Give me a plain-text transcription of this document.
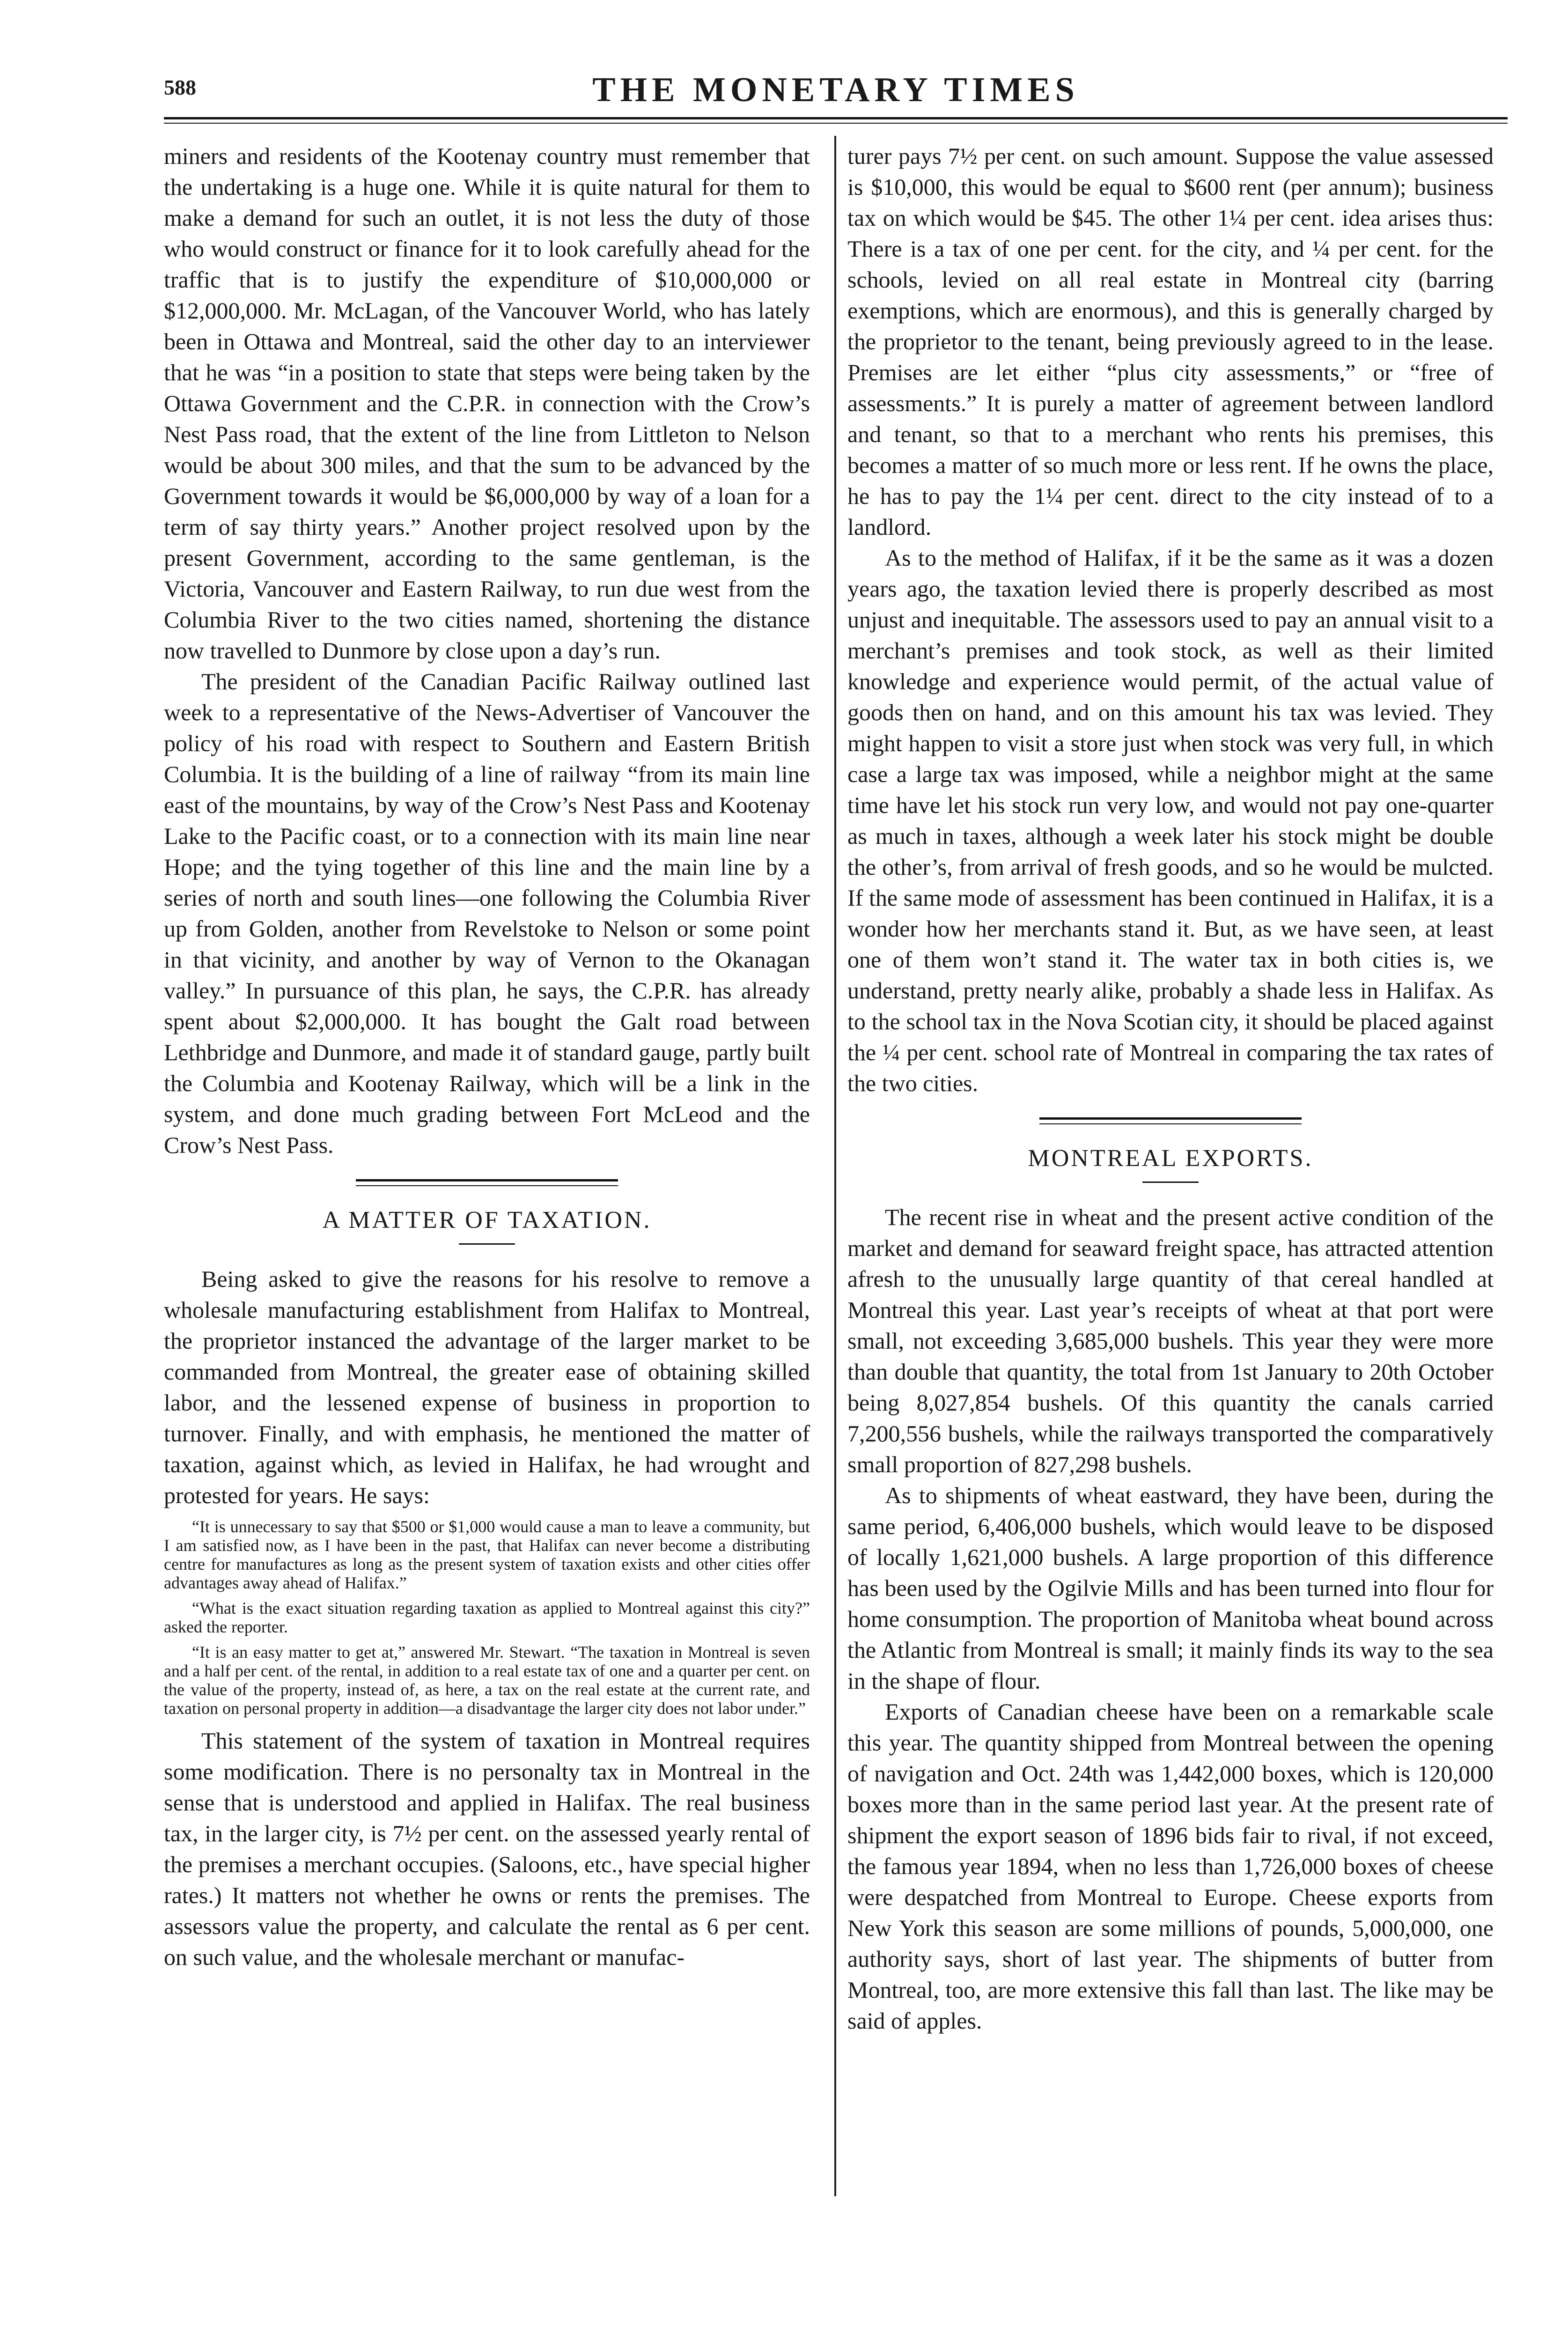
588	THE MONETARY TIMES

miners and residents of the Kootenay country must remember that the undertaking is a huge one. While it is quite natural for them to make a demand for such an outlet, it is not less the duty of those who would construct or finance for it to look carefully ahead for the traffic that is to justify the expenditure of $10,000,000 or $12,000,000. Mr. McLagan, of the Vancouver World, who has lately been in Ottawa and Montreal, said the other day to an interviewer that he was “in a position to state that steps were being taken by the Ottawa Government and the C.P.R. in connection with the Crow’s Nest Pass road, that the extent of the line from Littleton to Nelson would be about 300 miles, and that the sum to be advanced by the Government towards it would be $6,000,000 by way of a loan for a term of say thirty years.” Another project resolved upon by the present Government, according to the same gentleman, is the Victoria, Vancouver and Eastern Railway, to run due west from the Columbia River to the two cities named, shortening the distance now travelled to Dunmore by close upon a day’s run.

The president of the Canadian Pacific Railway outlined last week to a representative of the News-Advertiser of Vancouver the policy of his road with respect to Southern and Eastern British Columbia. It is the building of a line of railway “from its main line east of the mountains, by way of the Crow’s Nest Pass and Kootenay Lake to the Pacific coast, or to a connection with its main line near Hope; and the tying together of this line and the main line by a series of north and south lines—one following the Columbia River up from Golden, another from Revelstoke to Nelson or some point in that vicinity, and another by way of Vernon to the Okanagan valley.” In pursuance of this plan, he says, the C.P.R. has already spent about $2,000,000. It has bought the Galt road between Lethbridge and Dunmore, and made it of standard gauge, partly built the Columbia and Kootenay Railway, which will be a link in the system, and done much grading between Fort McLeod and the Crow’s Nest Pass.

A MATTER OF TAXATION.

Being asked to give the reasons for his resolve to remove a wholesale manufacturing establishment from Halifax to Montreal, the proprietor instanced the advantage of the larger market to be commanded from Montreal, the greater ease of obtaining skilled labor, and the lessened expense of business in proportion to turnover. Finally, and with emphasis, he mentioned the matter of taxation, against which, as levied in Halifax, he had wrought and protested for years. He says:

“It is unnecessary to say that $500 or $1,000 would cause a man to leave a community, but I am satisfied now, as I have been in the past, that Halifax can never become a distributing centre for manufactures as long as the present system of taxation exists and other cities offer advantages away ahead of Halifax.”

“What is the exact situation regarding taxation as applied to Montreal against this city?” asked the reporter.

“It is an easy matter to get at,” answered Mr. Stewart. “The taxation in Montreal is seven and a half per cent. of the rental, in addition to a real estate tax of one and a quarter per cent. on the value of the property, instead of, as here, a tax on the real estate at the current rate, and taxation on personal property in addition—a disadvantage the larger city does not labor under.”

This statement of the system of taxation in Montreal requires some modification. There is no personalty tax in Montreal in the sense that is understood and applied in Halifax. The real business tax, in the larger city, is 7½ per cent. on the assessed yearly rental of the premises a merchant occupies. (Saloons, etc., have special higher rates.) It matters not whether he owns or rents the premises. The assessors value the property, and calculate the rental as 6 per cent. on such value, and the wholesale merchant or manufac-

turer pays 7½ per cent. on such amount. Suppose the value assessed is $10,000, this would be equal to $600 rent (per annum); business tax on which would be $45. The other 1¼ per cent. idea arises thus: There is a tax of one per cent. for the city, and ¼ per cent. for the schools, levied on all real estate in Montreal city (barring exemptions, which are enormous), and this is generally charged by the proprietor to the tenant, being previously agreed to in the lease. Premises are let either “plus city assessments,” or “free of assessments.” It is purely a matter of agreement between landlord and tenant, so that to a merchant who rents his premises, this becomes a matter of so much more or less rent. If he owns the place, he has to pay the 1¼ per cent. direct to the city instead of to a landlord.

As to the method of Halifax, if it be the same as it was a dozen years ago, the taxation levied there is properly described as most unjust and inequitable. The assessors used to pay an annual visit to a merchant’s premises and took stock, as well as their limited knowledge and experience would permit, of the actual value of goods then on hand, and on this amount his tax was levied. They might happen to visit a store just when stock was very full, in which case a large tax was imposed, while a neighbor might at the same time have let his stock run very low, and would not pay one-quarter as much in taxes, although a week later his stock might be double the other’s, from arrival of fresh goods, and so he would be mulcted. If the same mode of assessment has been continued in Halifax, it is a wonder how her merchants stand it. But, as we have seen, at least one of them won’t stand it. The water tax in both cities is, we understand, pretty nearly alike, probably a shade less in Halifax. As to the school tax in the Nova Scotian city, it should be placed against the ¼ per cent. school rate of Montreal in comparing the tax rates of the two cities.

MONTREAL EXPORTS.

The recent rise in wheat and the present active condition of the market and demand for seaward freight space, has attracted attention afresh to the unusually large quantity of that cereal handled at Montreal this year. Last year’s receipts of wheat at that port were small, not exceeding 3,685,000 bushels. This year they were more than double that quantity, the total from 1st January to 20th October being 8,027,854 bushels. Of this quantity the canals carried 7,200,556 bushels, while the railways transported the comparatively small proportion of 827,298 bushels.

As to shipments of wheat eastward, they have been, during the same period, 6,406,000 bushels, which would leave to be disposed of locally 1,621,000 bushels. A large proportion of this difference has been used by the Ogilvie Mills and has been turned into flour for home consumption. The proportion of Manitoba wheat bound across the Atlantic from Montreal is small; it mainly finds its way to the sea in the shape of flour.

Exports of Canadian cheese have been on a remarkable scale this year. The quantity shipped from Montreal between the opening of navigation and Oct. 24th was 1,442,000 boxes, which is 120,000 boxes more than in the same period last year. At the present rate of shipment the export season of 1896 bids fair to rival, if not exceed, the famous year 1894, when no less than 1,726,000 boxes of cheese were despatched from Montreal to Europe. Cheese exports from New York this season are some millions of pounds, 5,000,000, one authority says, short of last year. The shipments of butter from Montreal, too, are more extensive this fall than last. The like may be said of apples.
